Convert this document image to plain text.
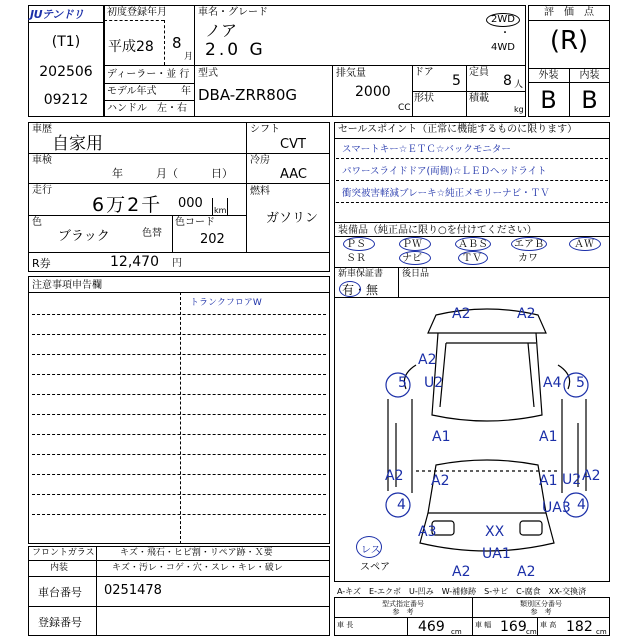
JUテンドリ
(T1)
202506
09212
初度登録年月	車名・グレード
平成28 8
月
ノア
2.0 G
2WD
・
4WD
ディーラー・並 行
モデル年式 年
ハンドル　左・右
型式
DBA-ZRR80G
排気量
2000
CC
ドア
5
形状
定員
8 人
積載
kg
評　価　点
(R)
外装	内装
B	B
車歴
自家用
車検
年　　　月（　　　日）
走行
6万2千 000 km
色
ブラック	色替
色コード
202
シフト
CVT
冷房
AAC
燃料
ガソリン
R券	12,470 円
セールスポイント（正常に機能するものに限ります）
スマートキー☆ＥＴＣ☆バックモニター
パワースライドドア(両側)☆ＬＥＤヘッドライト
衝突被害軽減ブレーキ☆純正メモリーナビ・ＴＶ
装備品（純正品に限り○を付けてください）
ＰＳ	ＰＷ	ＡＢＳ	エアＢ	ＡＷ
ＳＲ	ナビ	ＴＶ	カワ
新車保証書
有・無
後日品
注意事項申告欄
トランクフロアW
A2	A2
A2
5 U2	A4 5
A1	A1
A2 A2	A1 A2
U2
4	4
UA3
A3	XX
UA1
A2	A2
レス
スペア
フロントガラス	キズ・飛石・ヒビ割・リペア跡・Ｘ要
内装	キズ・汚レ・コゲ・穴・スレ・キレ・破レ
車台番号 0251478
登録番号
A-キズ　E-エクボ　U-凹み　W-補修跡　S-サビ　C-腐食　XX-交換済
型式指定番号
参　考
類別区分番号
参　考
車 長	469 cm
車 幅 169 cm
車 高 182 cm
